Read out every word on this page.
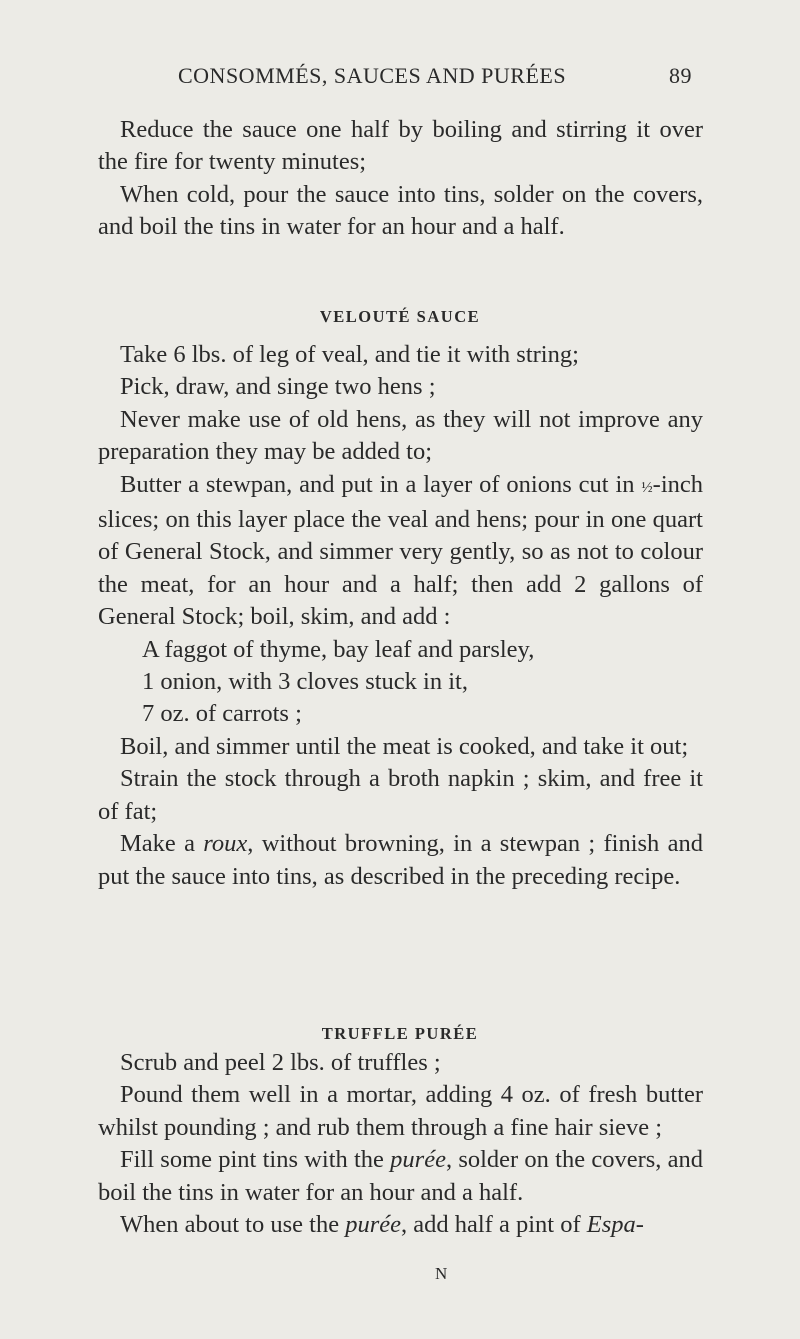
CONSOMMÉS, SAUCES AND PURÉES	89

Reduce the sauce one half by boiling and stirring it over the fire for twenty minutes;

When cold, pour the sauce into tins, solder on the covers, and boil the tins in water for an hour and a half.

VELOUTÉ SAUCE

Take 6 lbs. of leg of veal, and tie it with string;

Pick, draw, and singe two hens ;

Never make use of old hens, as they will not improve any preparation they may be added to;

Butter a stewpan, and put in a layer of onions cut in ½-inch slices; on this layer place the veal and hens; pour in one quart of General Stock, and simmer very gently, so as not to colour the meat, for an hour and a half; then add 2 gallons of General Stock; boil, skim, and add :

A faggot of thyme, bay leaf and parsley,

1 onion, with 3 cloves stuck in it,

7 oz. of carrots ;

Boil, and simmer until the meat is cooked, and take it out;

Strain the stock through a broth napkin ; skim, and free it of fat;

Make a roux, without browning, in a stewpan ; finish and put the sauce into tins, as described in the preceding recipe.

TRUFFLE PURÉE

Scrub and peel 2 lbs. of truffles ;

Pound them well in a mortar, adding 4 oz. of fresh butter whilst pounding ; and rub them through a fine hair sieve ;

Fill some pint tins with the purée, solder on the covers, and boil the tins in water for an hour and a half.

When about to use the purée, add half a pint of Espa-

N
